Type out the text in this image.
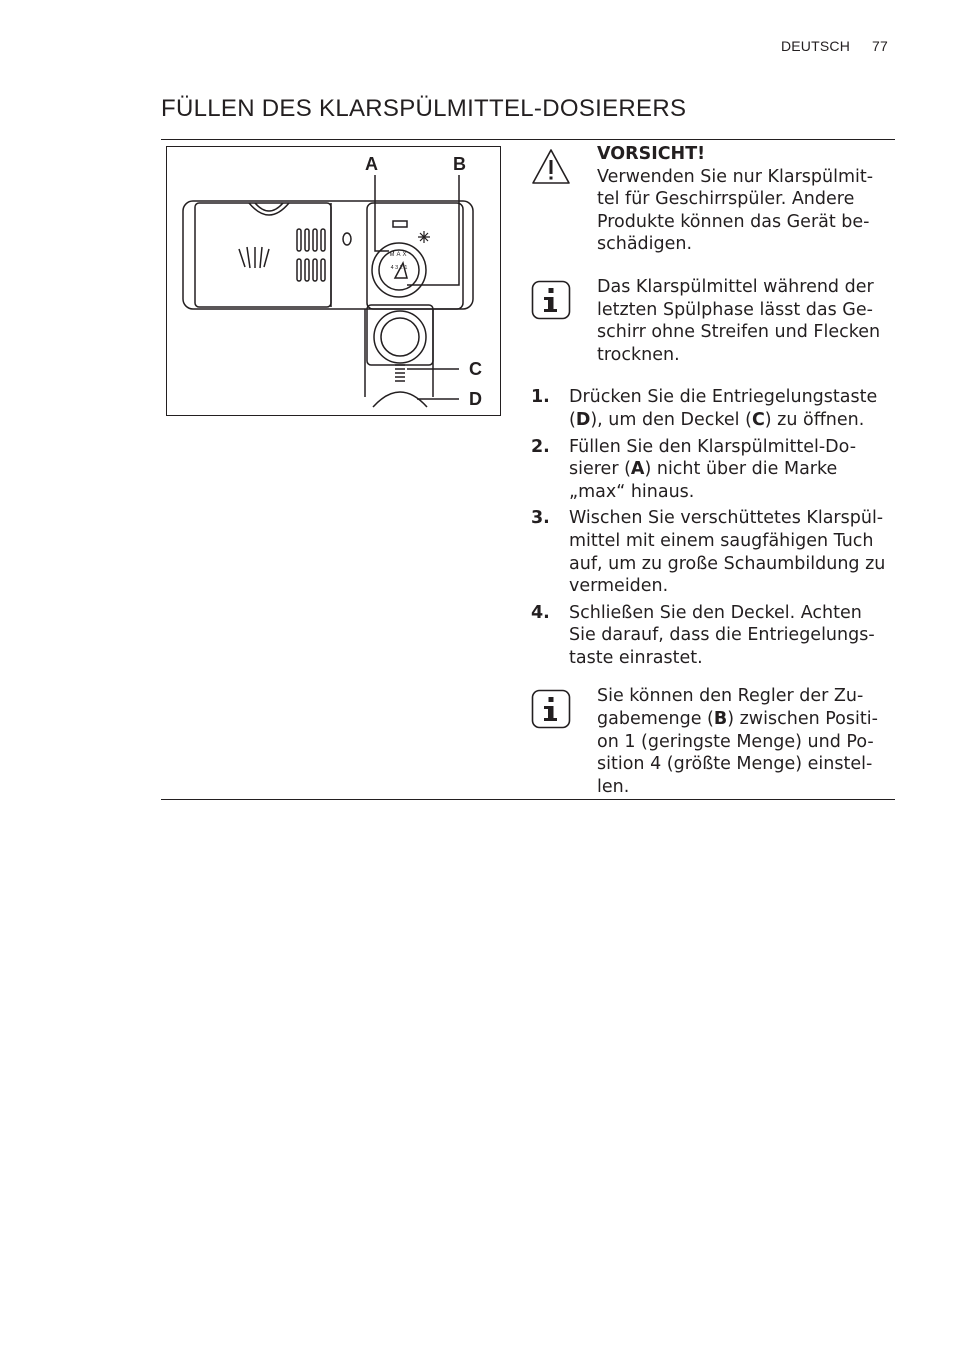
DEUTSCH 77
FÜLLEN DES KLARSPÜLMITTEL-DOSIERERS
MAX
4 3 2 1
A	B
C
D
VORSICHT!
Verwenden Sie nur Klarspülmit-tel für Geschirrspüler. Andere Produkte können das Gerät be-schädigen.
Das Klarspülmittel während der letzten Spülphase lässt das Ge-schirr ohne Streifen und Flecken trocknen.
1.	Drücken Sie die Entriegelungstaste (D), um den Deckel (C) zu öffnen.
2.	Füllen Sie den Klarspülmittel-Do-sierer (A) nicht über die Marke „max“ hinaus.
3.	Wischen Sie verschüttetes Klarspül-mittel mit einem saugfähigen Tuch auf, um zu große Schaumbildung zu vermeiden.
4.	Schließen Sie den Deckel. Achten Sie darauf, dass die Entriegelungs-taste einrastet.
Sie können den Regler der Zu-gabemenge (B) zwischen Positi-on 1 (geringste Menge) und Po-sition 4 (größte Menge) einstel-len.
